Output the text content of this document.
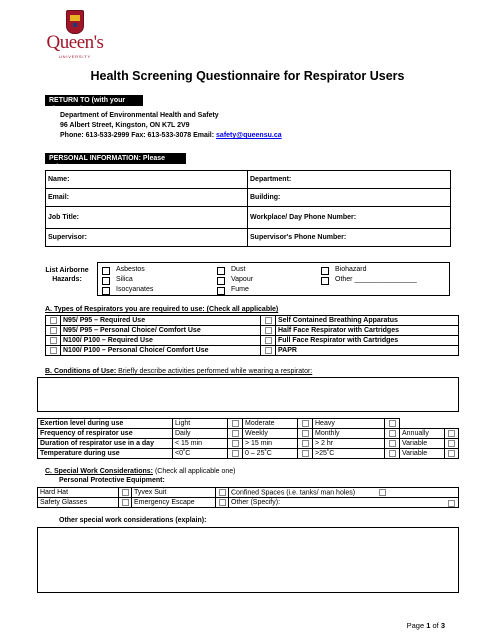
Queen's
UNIVERSITY
Health Screening Questionnaire for Respirator Users
RETURN TO (with your signature)
Department of Environmental Health and Safety
96 Albert Street, Kingston, ON K7L 2V9
Phone: 613-533-2999 Fax: 613-533-3078 Email: safety@queensu.ca
PERSONAL INFORMATION: Please Print
Name:	Department:
Email:	Building:
Job Title:	Workplace/ Day Phone Number:
Supervisor:	Supervisor's Phone Number:
List Airborne Hazards:
Asbestos	Dust	Biohazard
Silica	Vapour	Other ________________
Isocyanates	Fume
A. Types of Respirators you are required to use: (Check all applicable)
	N95/ P95 – Required Use		Self Contained Breathing Apparatus
	N95/ P95 – Personal Choice/ Comfort Use		Half Face Respirator with Cartridges
	N100/ P100 – Required Use		Full Face Respirator with Cartridges
	N100/ P100 – Personal Choice/ Comfort Use		PAPR
B. Conditions of Use: Briefly describe activities performed while wearing a respirator:
Exertion level during use	Light		Moderate		Heavy			
Frequency of respirator use	Daily		Weekly		Monthly		Annually	
Duration of respirator use in a day	< 15 min		> 15 min		> 2 hr		Variable	
Temperature during use	<0˚C		0 – 25˚C		>25˚C		Variable	
C. Special Work Considerations: (Check all applicable one)
Personal Protective Equipment:
Hard Hat		Tyvex Suit		Confined Spaces (i.e. tanks/ man holes)
Safety Glasses		Emergency Escape		Other (Specify):
Other special work considerations (explain):
Page 1 of 3
